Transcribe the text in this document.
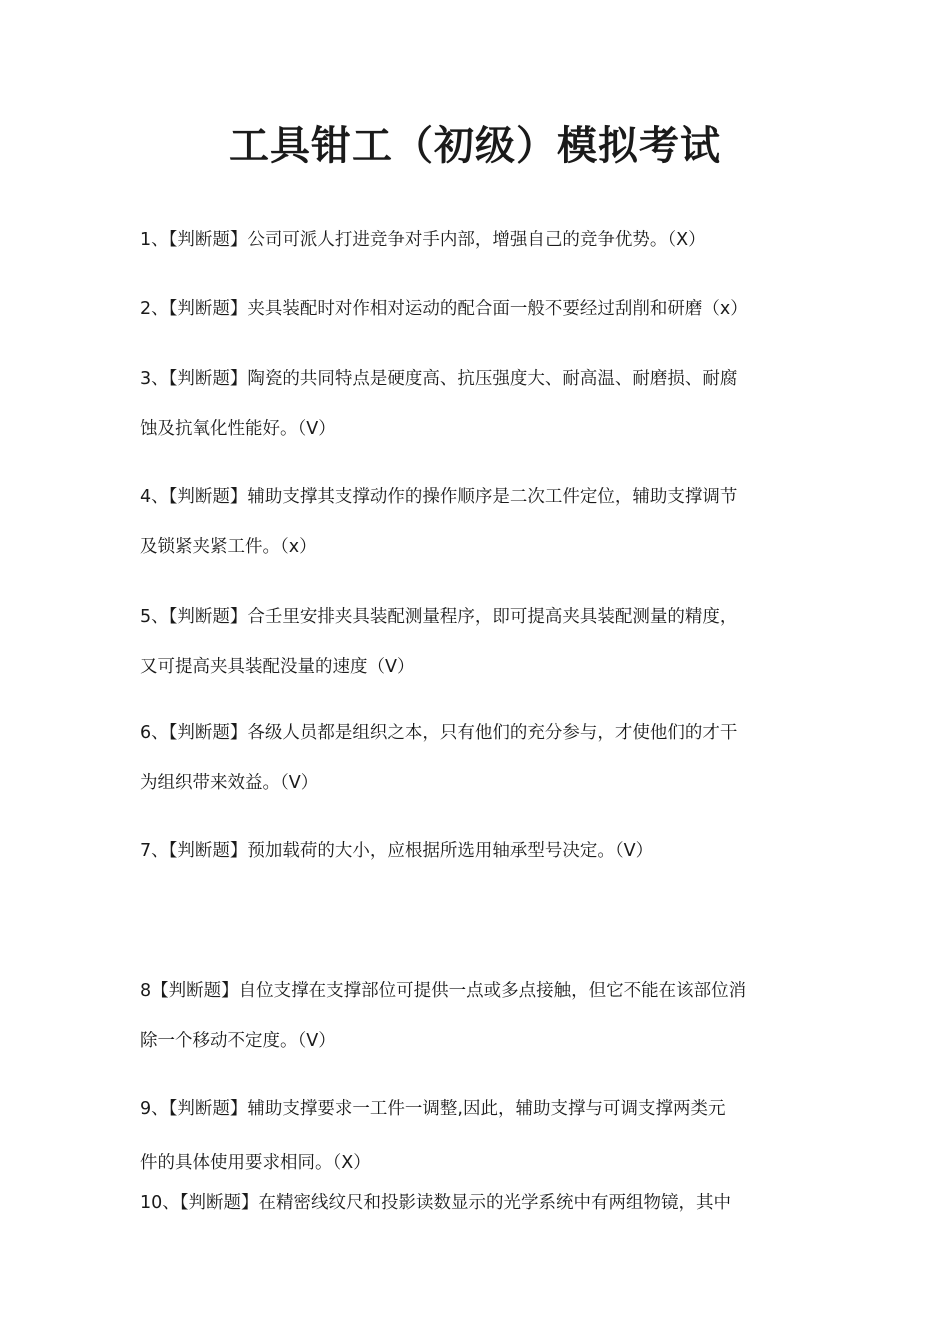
工具钳工（初级）模拟考试
1、【判断题】公司可派人打进竞争对手内部，增强自己的竞争优势。（X）
2、【判断题】夹具装配时对作相对运动的配合面一般不要经过刮削和研磨（x）
3、【判断题】陶瓷的共同特点是硬度高、抗压强度大、耐高温、耐磨损、耐腐
蚀及抗氧化性能好。（V）
4、【判断题】辅助支撑其支撑动作的操作顺序是二次工件定位，辅助支撑调节
及锁紧夹紧工件。（x）
5、【判断题】合壬里安排夹具装配测量程序，即可提高夹具装配测量的精度，
又可提高夹具装配没量的速度（V）
6、【判断题】各级人员都是组织之本，只有他们的充分参与，才使他们的才干
为组织带来效益。（V）
7、【判断题】预加载荷的大小，应根据所选用轴承型号决定。（V）
8【判断题】自位支撑在支撑部位可提供一点或多点接触，但它不能在该部位消
除一个移动不定度。（V）
9、【判断题】辅助支撑要求一工件一调整,因此，辅助支撑与可调支撑两类元
件的具体使用要求相同。（X）
10、【判断题】在精密线纹尺和投影读数显示的光学系统中有两组物镜，其中
